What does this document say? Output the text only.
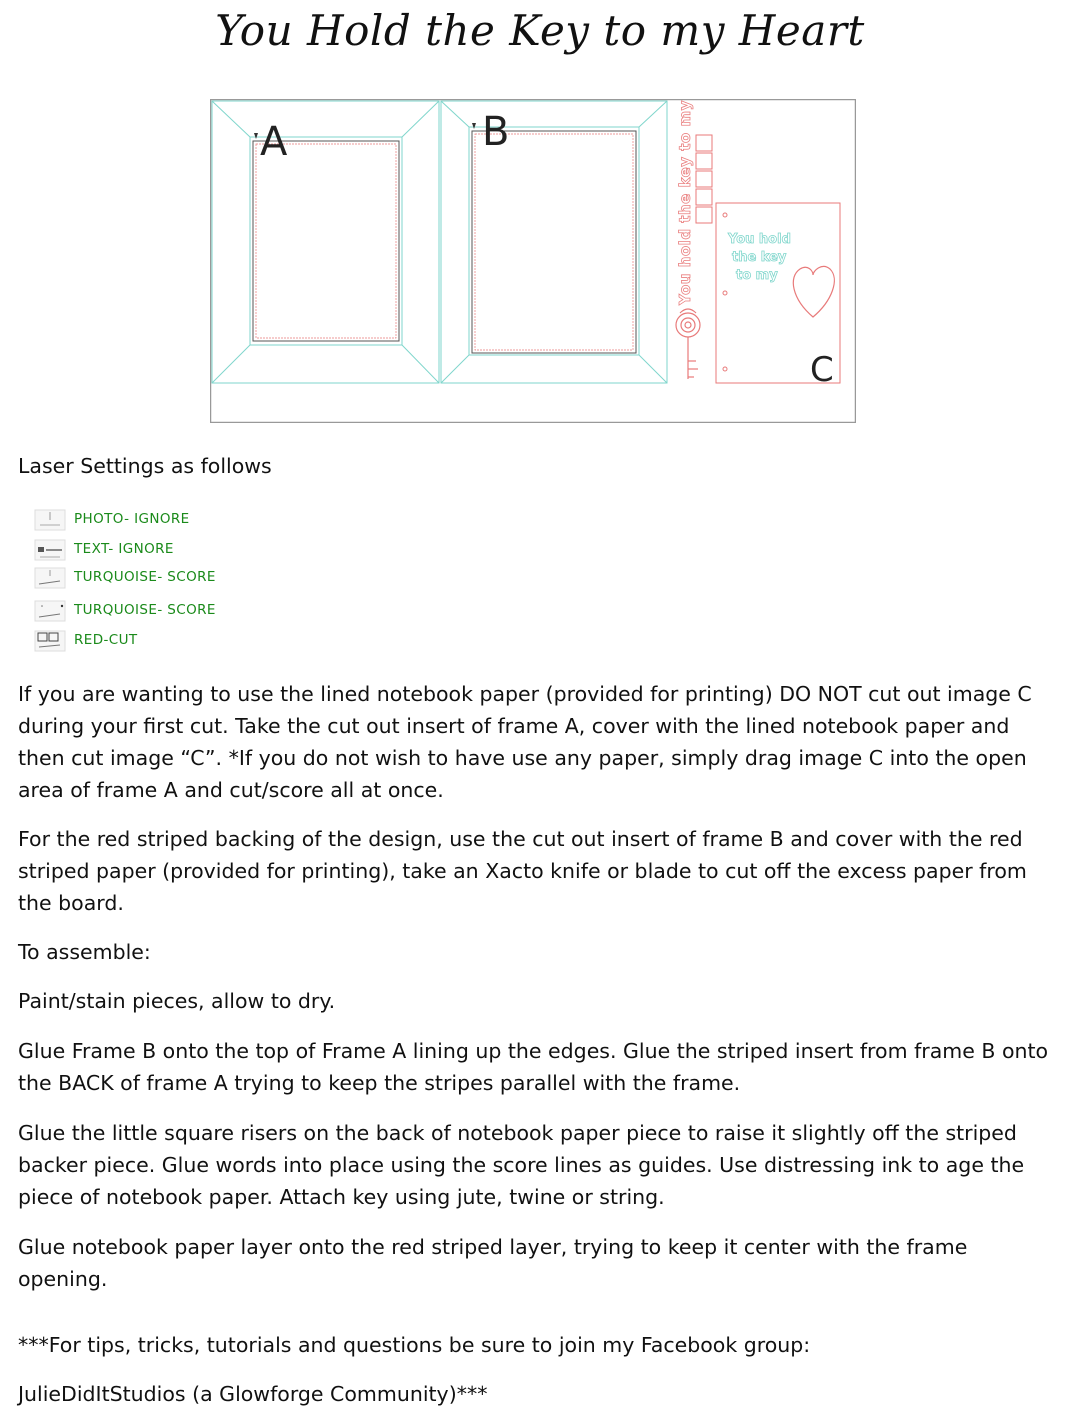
You Hold the Key to my Heart
A	B
C
You hold the key to my	You hold
the key
to my

Laser Settings as follows

PHOTO- IGNORE
TEXT- IGNORE
TURQUOISE- SCORE
TURQUOISE- SCORE
RED-CUT

If you are wanting to use the lined notebook paper (provided for printing) DO NOT cut out image C during your first cut. Take the cut out insert of frame A, cover with the lined notebook paper and then cut image “C”. *If you do not wish to have use any paper, simply drag image C into the open area of frame A and cut/score all at once.

For the red striped backing of the design, use the cut out insert of frame B and cover with the red striped paper (provided for printing), take an Xacto knife or blade to cut off the excess paper from the board.

To assemble:

Paint/stain pieces, allow to dry.

Glue Frame B onto the top of Frame A lining up the edges. Glue the striped insert from frame B onto the BACK of frame A trying to keep the stripes parallel with the frame.

Glue the little square risers on the back of notebook paper piece to raise it slightly off the striped backer piece. Glue words into place using the score lines as guides. Use distressing ink to age the piece of notebook paper. Attach key using jute, twine or string.

Glue notebook paper layer onto the red striped layer, trying to keep it center with the frame opening.

***For tips, tricks, tutorials and questions be sure to join my Facebook group:

JulieDidItStudios (a Glowforge Community)***
